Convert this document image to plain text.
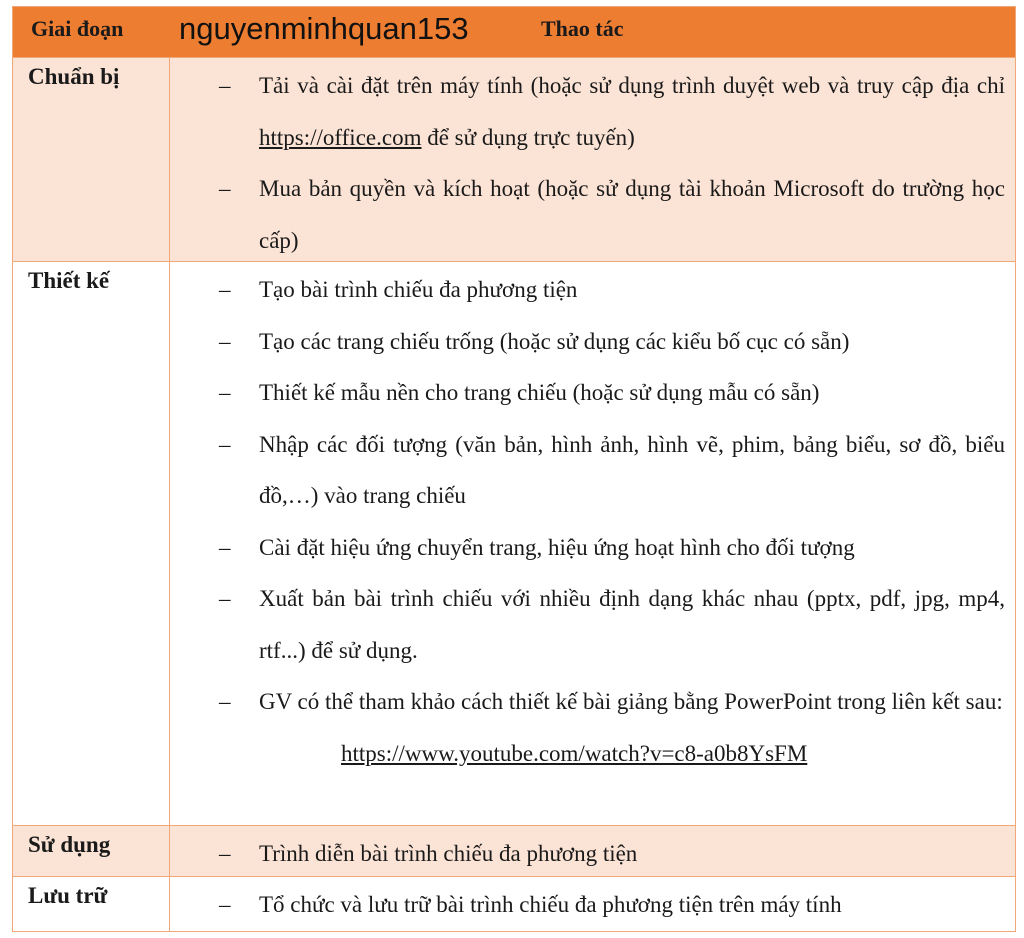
Giai đoạn nguyenminhquan153	Thao tác
Chuẩn bị	– Tải và cài đặt trên máy tính (hoặc sử dụng trình duyệt web và truy cập địa chỉ https://office.com để sử dụng trực tuyến)
– Mua bản quyền và kích hoạt (hoặc sử dụng tài khoản Microsoft do trường học cấp)
Thiết kế	– Tạo bài trình chiếu đa phương tiện
– Tạo các trang chiếu trống (hoặc sử dụng các kiểu bố cục có sẵn)
– Thiết kế mẫu nền cho trang chiếu (hoặc sử dụng mẫu có sẵn)
– Nhập các đối tượng (văn bản, hình ảnh, hình vẽ, phim, bảng biểu, sơ đồ, biểu đồ,…) vào trang chiếu
– Cài đặt hiệu ứng chuyển trang, hiệu ứng hoạt hình cho đối tượng
– Xuất bản bài trình chiếu với nhiều định dạng khác nhau (pptx, pdf, jpg, mp4, rtf...) để sử dụng.
– GV có thể tham khảo cách thiết kế bài giảng bằng PowerPoint trong liên kết sau:
https://www.youtube.com/watch?v=c8-a0b8YsFM
Sử dụng	– Trình diễn bài trình chiếu đa phương tiện
Lưu trữ	– Tổ chức và lưu trữ bài trình chiếu đa phương tiện trên máy tính
